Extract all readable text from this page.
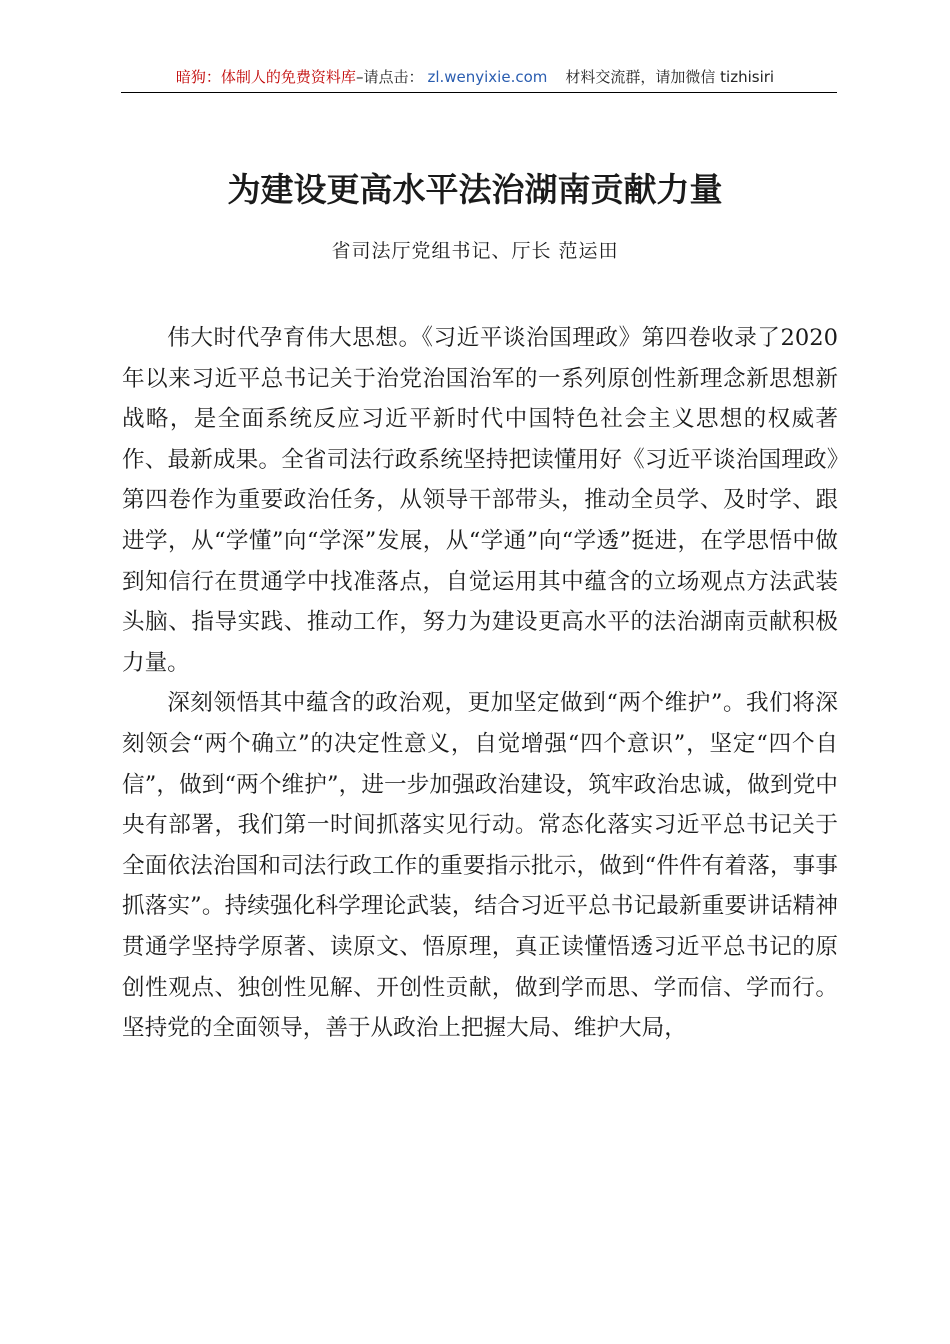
暗狗：体制人的免费资料库–请点击： zl.wenyixie.com 材料交流群，请加微信 tizhisiri
为建设更高水平法治湖南贡献力量
省司法厅党组书记、厅长 范运田

伟大时代孕育伟大思想。《习近平谈治国理政》第四卷收录了2020年以来习近平总书记关于治党治国治军的一系列原创性新理念新思想新战略，是全面系统反应习近平新时代中国特色社会主义思想的权威著作、最新成果。全省司法行政系统坚持把读懂用好《习近平谈治国理政》第四卷作为重要政治任务，从领导干部带头，推动全员学、及时学、跟进学，从“学懂”向“学深”发展，从“学通”向“学透”挺进，在学思悟中做到知信行在贯通学中找准落点，自觉运用其中蕴含的立场观点方法武装头脑、指导实践、推动工作，努力为建设更高水平的法治湖南贡献积极力量。

深刻领悟其中蕴含的政治观，更加坚定做到“两个维护”。我们将深刻领会“两个确立”的决定性意义，自觉增强“四个意识”，坚定“四个自信”，做到“两个维护”，进一步加强政治建设，筑牢政治忠诚，做到党中央有部署，我们第一时间抓落实见行动。常态化落实习近平总书记关于全面依法治国和司法行政工作的重要指示批示，做到“件件有着落，事事抓落实”。持续强化科学理论武装，结合习近平总书记最新重要讲话精神贯通学坚持学原著、读原文、悟原理，真正读懂悟透习近平总书记的原创性观点、独创性见解、开创性贡献，做到学而思、学而信、学而行。坚持党的全面领导，善于从政治上把握大局、维护大局，
